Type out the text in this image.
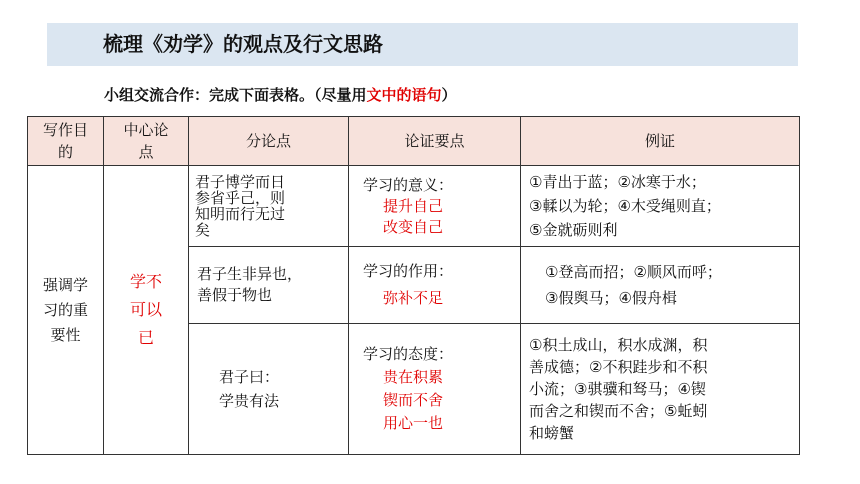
梳理《劝学》的观点及行文思路
小组交流合作：完成下面表格。（尽量用文中的语句）
写作目
的	中心论
点	分论点	论证要点	例证

强调学
习的重
要性	学不
可以
已	君子博学而日
参省乎己，则
知明而行无过
矣	学习的意义：
提升自己
改变自己	①青出于蓝；②冰寒于水；
③輮以为轮；④木受绳则直；
⑤金就砺则利

		君子生非异也，
善假于物也	学习的作用：
弥补不足	①登高而招；②顺风而呼；
③假舆马；④假舟楫

		君子曰：
学贵有法	学习的态度：
贵在积累
锲而不舍
用心一也	①积土成山，积水成渊，积
善成德；②不积跬步和不积
小流；③骐骥和驽马；④锲
而舍之和锲而不舍；⑤蚯蚓
和螃蟹
